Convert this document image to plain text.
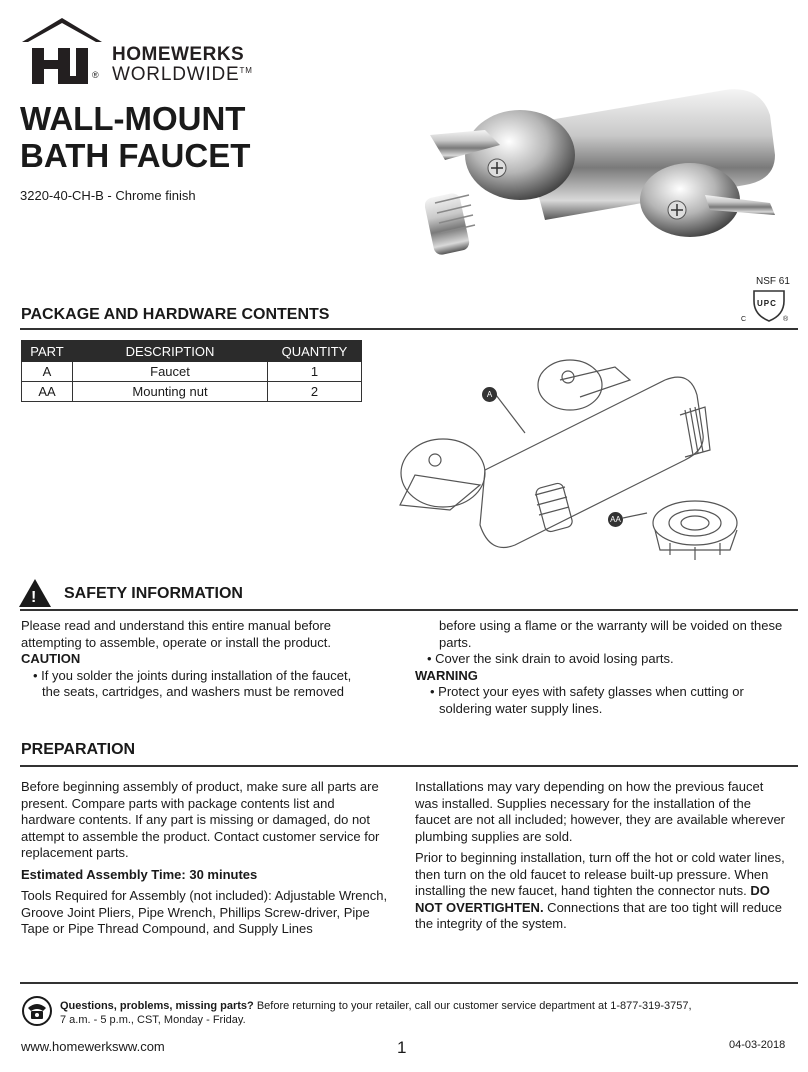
®
HOMEWERKS
WORLDWIDE™
WALL-MOUNT
BATH FAUCET
3220-40-CH-B - Chrome finish
NSF 61
UPC
C	®
PACKAGE AND HARDWARE CONTENTS
PART	DESCRIPTION	QUANTITY
A	Faucet	1
AA	Mounting nut	2	A
AA
! SAFETY INFORMATION
Please read and understand this entire manual before attempting to assemble, operate or install the product.
CAUTION
• If you solder the joints during installation of the faucet, the seats, cartridges, and washers must be removed
before using a flame or the warranty will be voided on these parts.
• Cover the sink drain to avoid losing parts.
WARNING
• Protect your eyes with safety glasses when cutting or soldering water supply lines.
PREPARATION
Before beginning assembly of product, make sure all parts are present. Compare parts with package contents list and hardware contents. If any part is missing or damaged, do not attempt to assemble the product. Contact customer service for replacement parts.
Estimated Assembly Time: 30 minutes
Tools Required for Assembly (not included): Adjustable Wrench, Groove Joint Pliers, Pipe Wrench, Phillips Screw-driver, Pipe Tape or Pipe Thread Compound, and Supply Lines
Installations may vary depending on how the previous faucet was installed. Supplies necessary for the installation of the faucet are not all included; however, they are available wherever plumbing supplies are sold.
Prior to beginning installation, turn off the hot or cold water lines, then turn on the old faucet to release built-up pressure. When installing the new faucet, hand tighten the connector nuts. DO NOT OVERTIGHTEN. Connections that are too tight will reduce the integrity of the system.
Questions, problems, missing parts? Before returning to your retailer, call our customer service department at 1-877-319-3757,
7 a.m. - 5 p.m., CST, Monday - Friday.
www.homewerksww.com	1	04-03-2018
